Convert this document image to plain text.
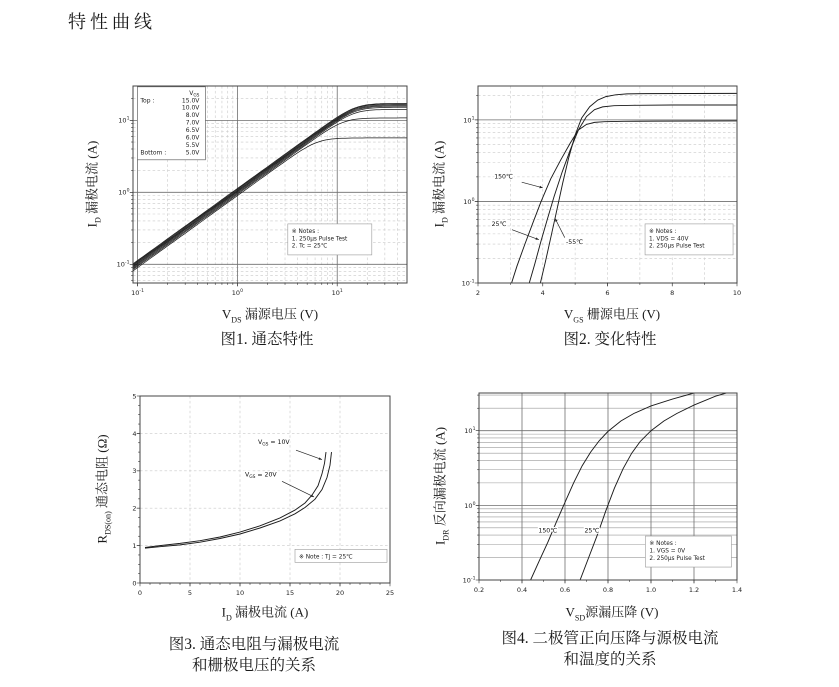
特性曲线
$10^{-1}$	$10^0$	$10^1$
$10^{-1}$
$10^0$
$10^1$
$V_{GS}$
Top :	15.0V
10.0V
8.0V
7.0V
6.5V
6.0V
5.5V
Bottom :	5.0V
※ Notes :
1. 250μs Pulse Test
2. Tc = 25℃
$I_D$ 漏极电流 (A)
$V_{DS}$ 漏源电压 (V)
图1. 通态特性
2	4	6	8	10
$10^{-1}$
$10^0$
$10^1$
※ Notes :
1. VDS = 40V
2. 250μs Pulse Test
150℃
25℃
-55℃
$I_D$ 漏极电流 (A)
$V_{GS}$ 栅源电压 (V)
图2. 变化特性
0	5	10	15	20	25
0
1
2
3
4
5
※ Note : Tj = 25℃
$V_{GS} = 10V$
$V_{GS} = 20V$
$R_{DS(on)}$ 通态电阻 (Ω)
$I_D$ 漏极电流 (A)
图3. 通态电阻与漏极电流
和栅极电压的关系
0.2	0.4	0.6	0.8	1.0	1.2	1.4
$10^{-1}$
$10^0$
$10^1$
※ Notes :
1. VGS = 0V
2. 250μs Pulse Test
150℃	25℃
$I_{DR}$ 反向漏极电流 (A)
$V_{SD}$源漏压降 (V)
图4. 二极管正向压降与源极电流
和温度的关系
